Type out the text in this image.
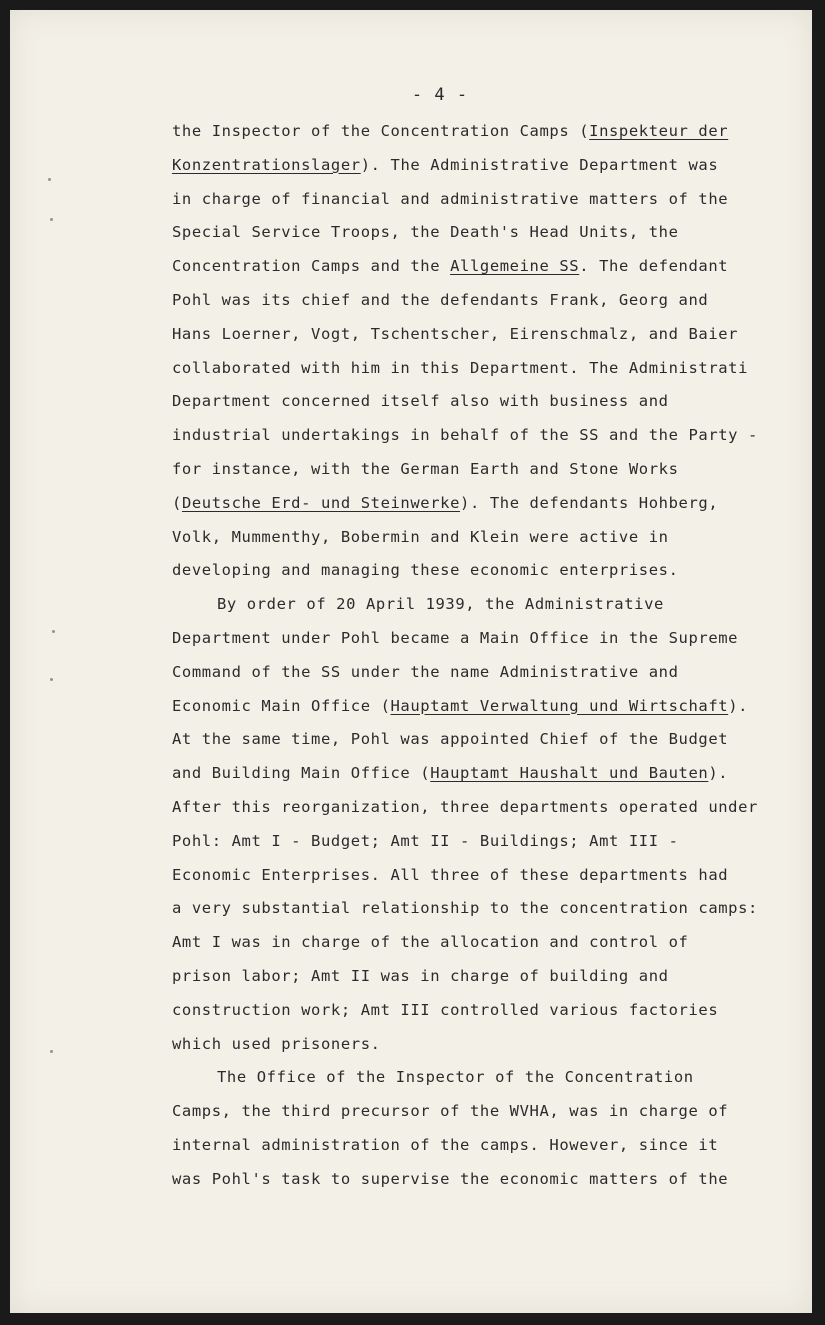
- 4 -
the Inspector of the Concentration Camps (Inspekteur der
Konzentrationslager). The Administrative Department was
in charge of financial and administrative matters of the
Special Service Troops, the Death's Head Units, the
Concentration Camps and the Allgemeine SS. The defendant
Pohl was its chief and the defendants Frank, Georg and
Hans Loerner, Vogt, Tschentscher, Eirenschmalz, and Baier
collaborated with him in this Department. The Administrati
Department concerned itself also with business and
industrial undertakings in behalf of the SS and the Party -
for instance, with the German Earth and Stone Works
(Deutsche Erd- und Steinwerke). The defendants Hohberg,
Volk, Mummenthy, Bobermin and Klein were active in
developing and managing these economic enterprises.
By order of 20 April 1939, the Administrative
Department under Pohl became a Main Office in the Supreme
Command of the SS under the name Administrative and
Economic Main Office (Hauptamt Verwaltung und Wirtschaft).
At the same time, Pohl was appointed Chief of the Budget
and Building Main Office (Hauptamt Haushalt und Bauten).
After this reorganization, three departments operated under
Pohl: Amt I - Budget; Amt II - Buildings; Amt III -
Economic Enterprises. All three of these departments had
a very substantial relationship to the concentration camps:
Amt I was in charge of the allocation and control of
prison labor; Amt II was in charge of building and
construction work; Amt III controlled various factories
which used prisoners.
The Office of the Inspector of the Concentration
Camps, the third precursor of the WVHA, was in charge of
internal administration of the camps. However, since it
was Pohl's task to supervise the economic matters of the
